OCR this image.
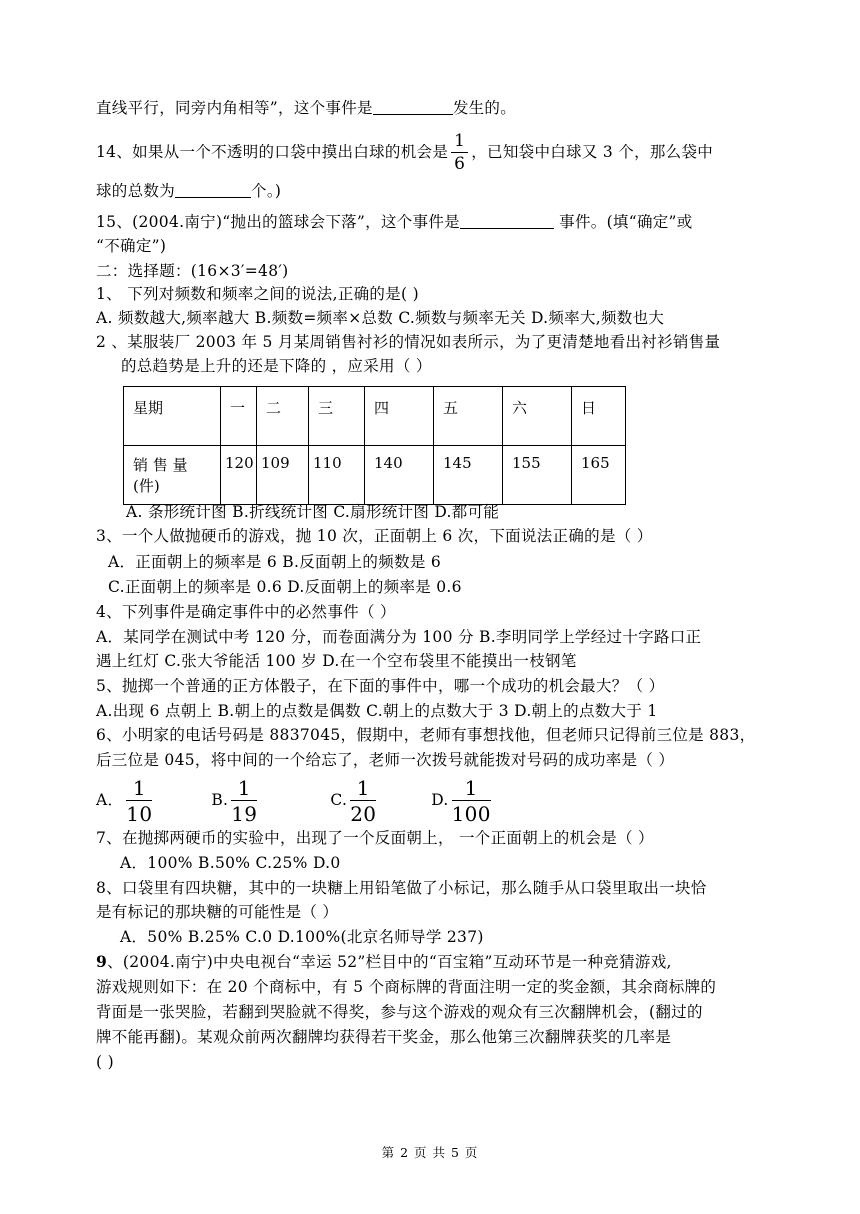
直线平行，同旁内角相等”，这个事件是	发生的。
14、如果从一个不透明的口袋中摸出白球的机会是 $\frac{1}{6}$ ，已知袋中白球又 3 个，那么袋中
球的总数为	个。)
15、(2004.南宁)“抛出的篮球会下落”，这个事件是	事件。(填“确定”或
“不确定”)
二：选择题：(16×3′=48′)
1、 下列对频数和频率之间的说法,正确的是( )
A. 频数越大,频率越大 B.频数=频率×总数 C.频数与频率无关 D.频率大,频数也大
2 、某服装厂 2003 年 5 月某周销售衬衫的情况如表所示，为了更清楚地看出衬衫销售量
的总趋势是上升的还是下降的 ，应采用（ ）
星期	一	二	三	四	五	六	日

销 售 量
(件)	120	109	110	140	145	155	165
A. 条形统计图 B.折线统计图 C.扇形统计图 D.都可能
3、一个人做抛硬币的游戏，抛 10 次，正面朝上 6 次，下面说法正确的是（ ）
A．正面朝上的频率是 6 B.反面朝上的频数是 6
C.正面朝上的频率是 0.6 D.反面朝上的频率是 0.6
4、下列事件是确定事件中的必然事件（ ）
A．某同学在测试中考 120 分，而卷面满分为 100 分 B.李明同学上学经过十字路口正
遇上红灯 C.张大爷能活 100 岁 D.在一个空布袋里不能摸出一枝钢笔
5、抛掷一个普通的正方体骰子，在下面的事件中，哪一个成功的机会最大？（ ）
A.出现 6 点朝上 B.朝上的点数是偶数 C.朝上的点数大于 3 D.朝上的点数大于 1
6、小明家的电话号码是 8837045，假期中，老师有事想找他，但老师只记得前三位是 883，
后三位是 045，将中间的一个给忘了，老师一次拨号就能拨对号码的成功率是（ ）
A． $\frac{1}{10}$	B. $\frac{1}{19}$	C. $\frac{1}{20}$	D. $\frac{1}{100}$
7、在抛掷两硬币的实验中，出现了一个反面朝上， 一个正面朝上的机会是（ ）
A．100% B.50% C.25% D.0
8、口袋里有四块糖，其中的一块糖上用铅笔做了小标记，那么随手从口袋里取出一块恰
是有标记的那块糖的可能性是（ ）
A．50% B.25% C.0 D.100%(北京名师导学 237)
9、(2004.南宁)中央电视台“幸运 52”栏目中的“百宝箱”互动环节是一种竞猜游戏,
游戏规则如下：在 20 个商标中，有 5 个商标牌的背面注明一定的奖金额，其余商标牌的
背面是一张哭脸，若翻到哭脸就不得奖，参与这个游戏的观众有三次翻牌机会，(翻过的
牌不能再翻)。某观众前两次翻牌均获得若干奖金，那么他第三次翻牌获奖的几率是
( )
第 2 页 共 5 页
